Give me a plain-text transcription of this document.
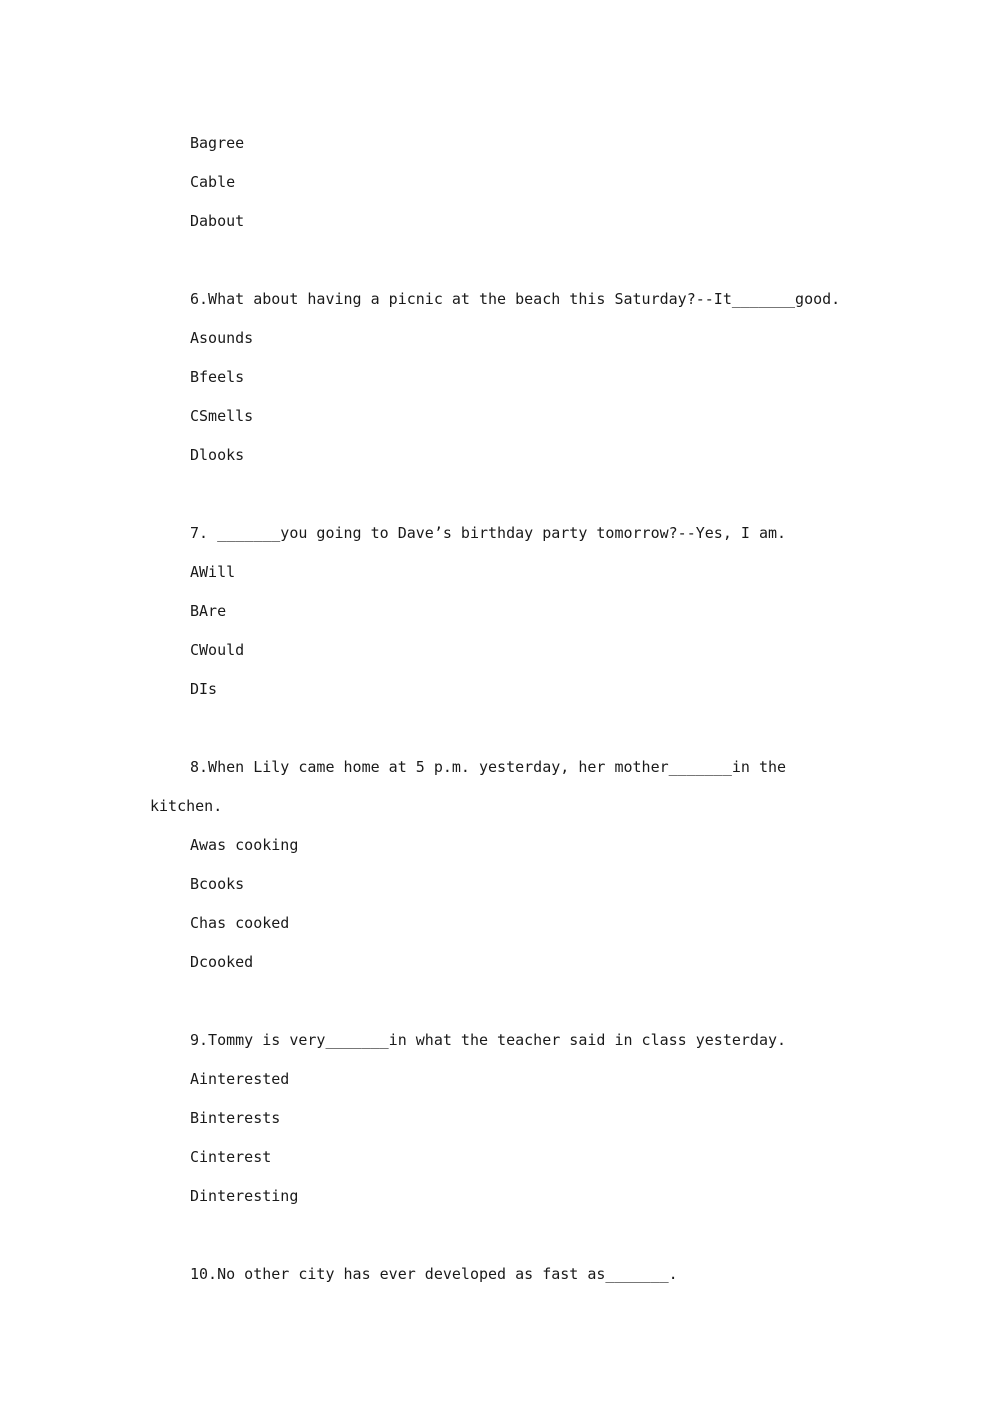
Bagree
Cable
Dabout
6.What about having a picnic at the beach this Saturday?--It_______good.
Asounds
Bfeels
CSmells
Dlooks
7. _______you going to Dave’s birthday party tomorrow?--Yes, I am.
AWill
BAre
CWould
DIs
8.When Lily came home at 5 p.m. yesterday, her mother_______in the
kitchen.
Awas cooking
Bcooks
Chas cooked
Dcooked
9.Tommy is very_______in what the teacher said in class yesterday.
Ainterested
Binterests
Cinterest
Dinteresting
10.No other city has ever developed as fast as_______.
